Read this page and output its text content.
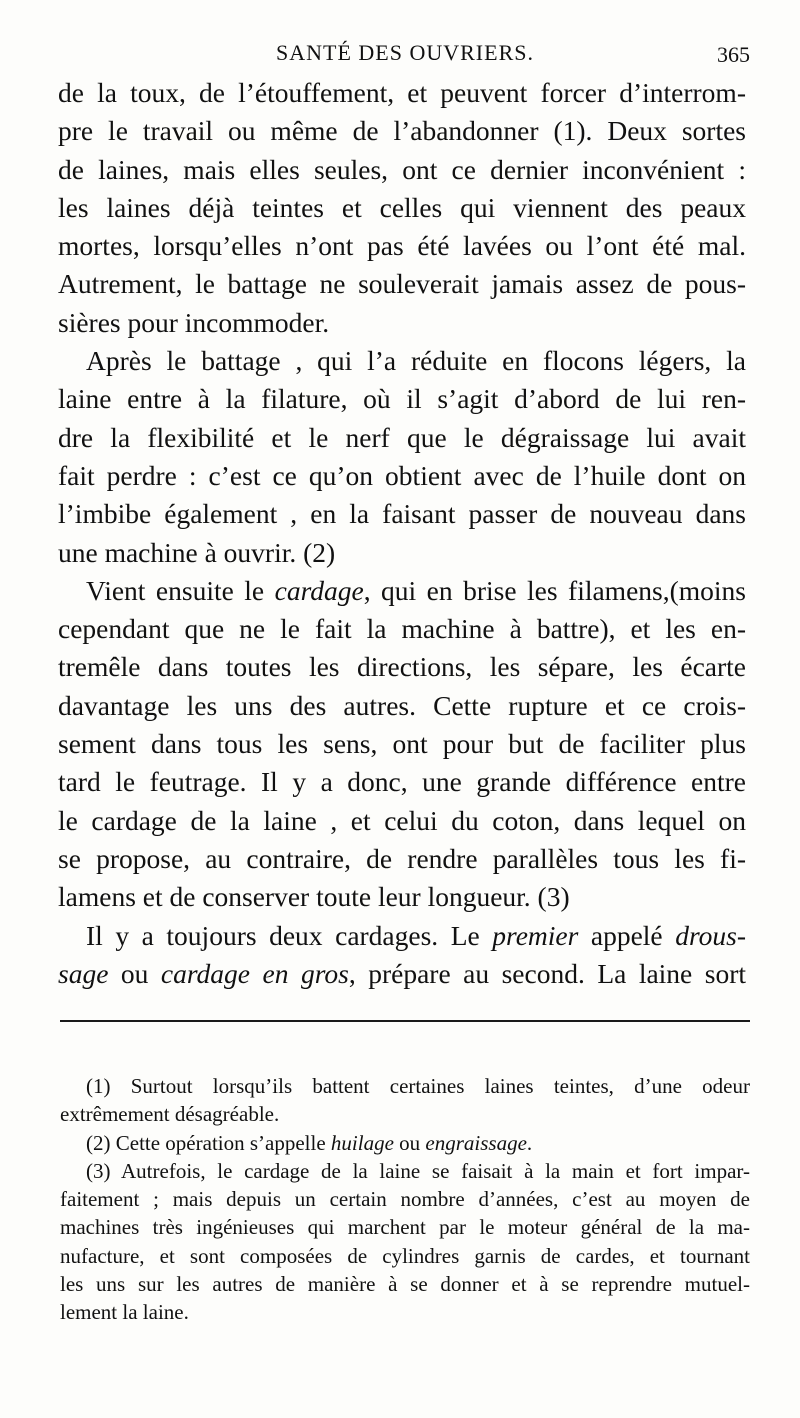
SANTÉ DES OUVRIERS.	365
de la toux, de l’étouffement, et peuvent forcer d’interrom-
pre le travail ou même de l’abandonner (1). Deux sortes
de laines, mais elles seules, ont ce dernier inconvénient :
les laines déjà teintes et celles qui viennent des peaux
mortes, lorsqu’elles n’ont pas été lavées ou l’ont été mal.
Autrement, le battage ne souleverait jamais assez de pous-
sières pour incommoder.
Après le battage , qui l’a réduite en flocons légers, la
laine entre à la filature, où il s’agit d’abord de lui ren-
dre la flexibilité et le nerf que le dégraissage lui avait
fait perdre : c’est ce qu’on obtient avec de l’huile dont on
l’imbibe également , en la faisant passer de nouveau dans
une machine à ouvrir. (2)
Vient ensuite le cardage, qui en brise les filamens,(moins
cependant que ne le fait la machine à battre), et les en-
tremêle dans toutes les directions, les sépare, les écarte
davantage les uns des autres. Cette rupture et ce crois-
sement dans tous les sens, ont pour but de faciliter plus
tard le feutrage. Il y a donc, une grande différence entre
le cardage de la laine , et celui du coton, dans lequel on
se propose, au contraire, de rendre parallèles tous les fi-
lamens et de conserver toute leur longueur. (3)
Il y a toujours deux cardages. Le premier appelé drous-
sage ou cardage en gros, prépare au second. La laine sort
(1) Surtout lorsqu’ils battent certaines laines teintes, d’une odeur
extrêmement désagréable.
(2) Cette opération s’appelle huilage ou engraissage.
(3) Autrefois, le cardage de la laine se faisait à la main et fort impar-
faitement ; mais depuis un certain nombre d’années, c’est au moyen de
machines très ingénieuses qui marchent par le moteur général de la ma-
nufacture, et sont composées de cylindres garnis de cardes, et tournant
les uns sur les autres de manière à se donner et à se reprendre mutuel-
lement la laine.
